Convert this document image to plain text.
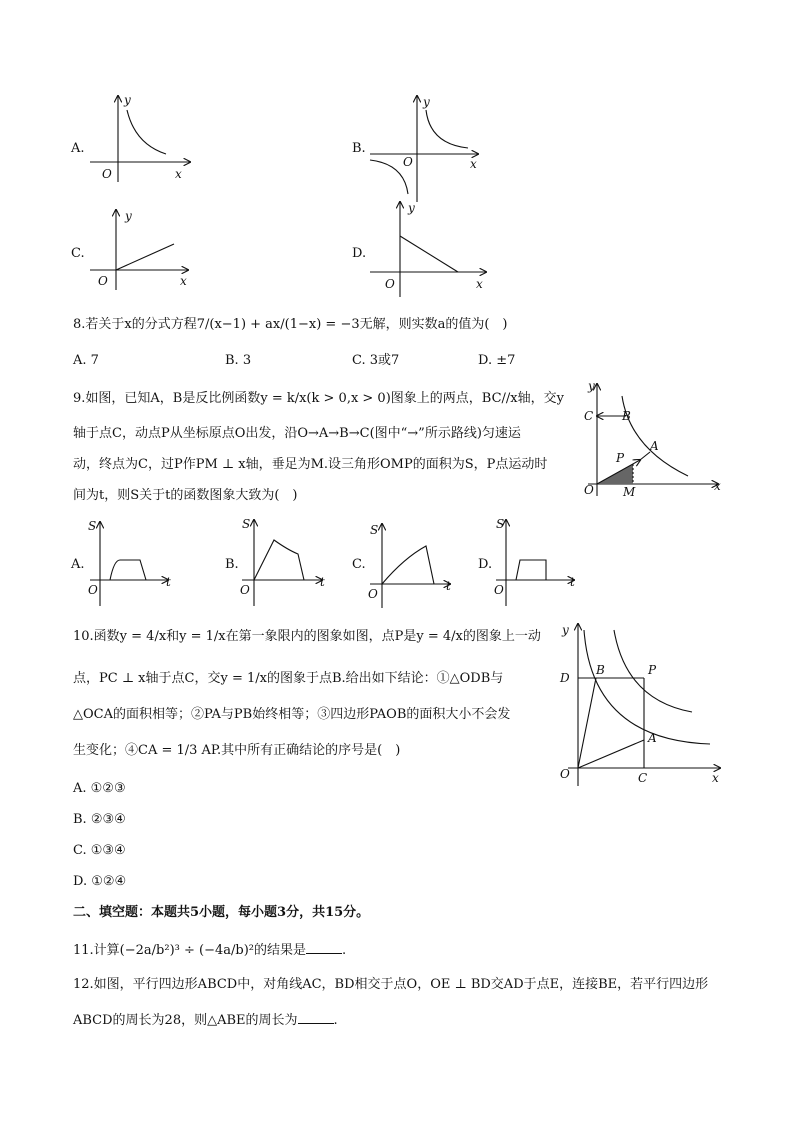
A.
y
x
O
B.
y
x
O
C.
y
x
O
D.
y
x
O
8.若关于x的分式方程7/(x−1) + ax/(1−x) = −3无解，则实数a的值为(　)
A. 7	B. 3	C. 3或7	D. ±7
9.如图，已知A，B是反比例函数y = k/x(k > 0,x > 0)图象上的两点，BC//x轴，交y
轴于点C，动点P从坐标原点O出发，沿O→A→B→C(图中“→”所示路线)匀速运
动，终点为C，过P作PM ⊥ x轴，垂足为M.设三角形OMP的面积为S，P点运动时
间为t，则S关于t的函数图象大致为(　)
C B
A
P
O M
y
x
A.
S
t
O
B.
S
t
O
C.
S
t
O
D.
S
t
O
10.函数y = 4/x和y = 1/x在第一象限内的图象如图，点P是y = 4/x的图象上一动
点，PC ⊥ x轴于点C，交y = 1/x的图象于点B.给出如下结论：①△ODB与
△OCA的面积相等；②PA与PB始终相等；③四边形PAOB的面积大小不会发
生变化；④CA = 1/3 AP.其中所有正确结论的序号是(　)
y
D
B	P
A
O	C	x
A. ①②③
B. ②③④
C. ①③④
D. ①②④
二、填空题：本题共5小题，每小题3分，共15分。
11.计算(−2a/b²)³ ÷ (−4a/b)²的结果是	.
12.如图，平行四边形ABCD中，对角线AC，BD相交于点O，OE ⊥ BD交AD于点E，连接BE，若平行四边形
ABCD的周长为28，则△ABE的周长为	.
